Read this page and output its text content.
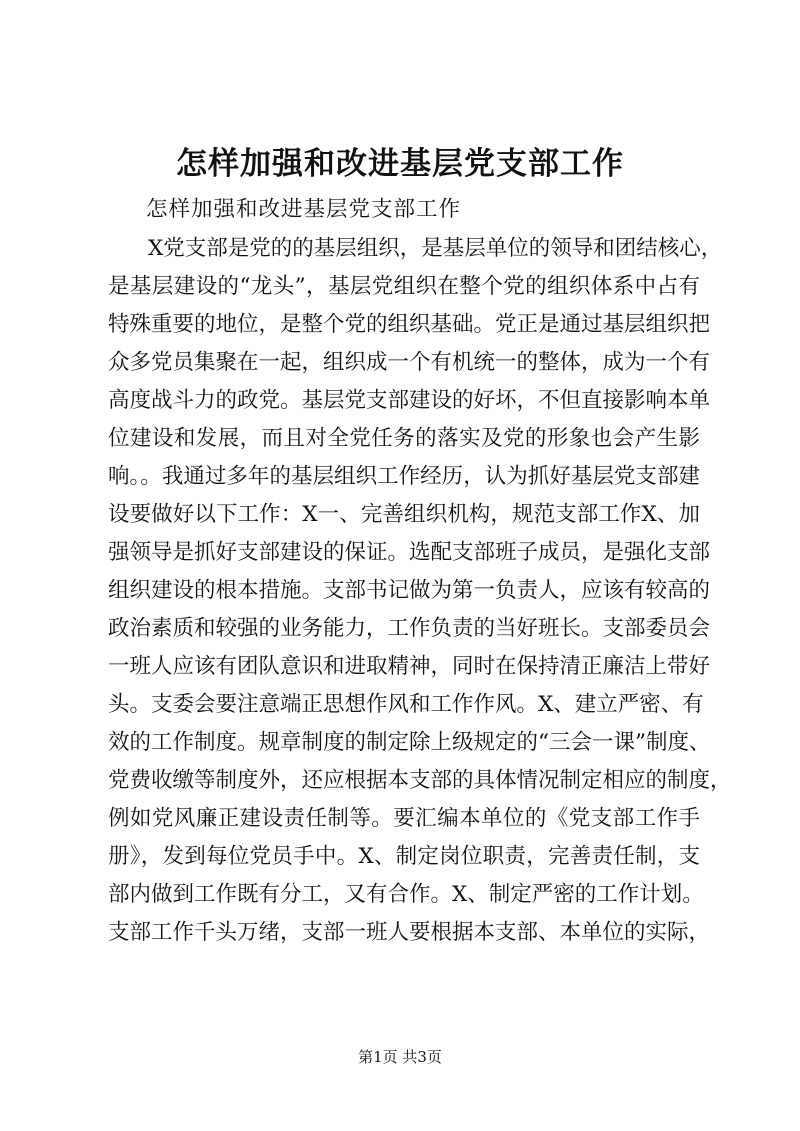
怎样加强和改进基层党支部工作
怎样加强和改进基层党支部工作
X党支部是党的的基层组织，是基层单位的领导和团结核心，
是基层建设的“龙头”，基层党组织在整个党的组织体系中占有
特殊重要的地位，是整个党的组织基础。党正是通过基层组织把
众多党员集聚在一起，组织成一个有机统一的整体，成为一个有
高度战斗力的政党。基层党支部建设的好坏，不但直接影响本单
位建设和发展，而且对全党任务的落实及党的形象也会产生影
响。。我通过多年的基层组织工作经历，认为抓好基层党支部建
设要做好以下工作：X一、完善组织机构，规范支部工作X、加
强领导是抓好支部建设的保证。选配支部班子成员，是强化支部
组织建设的根本措施。支部书记做为第一负责人，应该有较高的
政治素质和较强的业务能力，工作负责的当好班长。支部委员会
一班人应该有团队意识和进取精神，同时在保持清正廉洁上带好
头。支委会要注意端正思想作风和工作作风。X、建立严密、有
效的工作制度。规章制度的制定除上级规定的“三会一课”制度、
党费收缴等制度外，还应根据本支部的具体情况制定相应的制度，
例如党风廉正建设责任制等。要汇编本单位的《党支部工作手
册》，发到每位党员手中。X、制定岗位职责，完善责任制，支
部内做到工作既有分工，又有合作。X、制定严密的工作计划。
支部工作千头万绪，支部一班人要根据本支部、本单位的实际，
第1页 共3页
